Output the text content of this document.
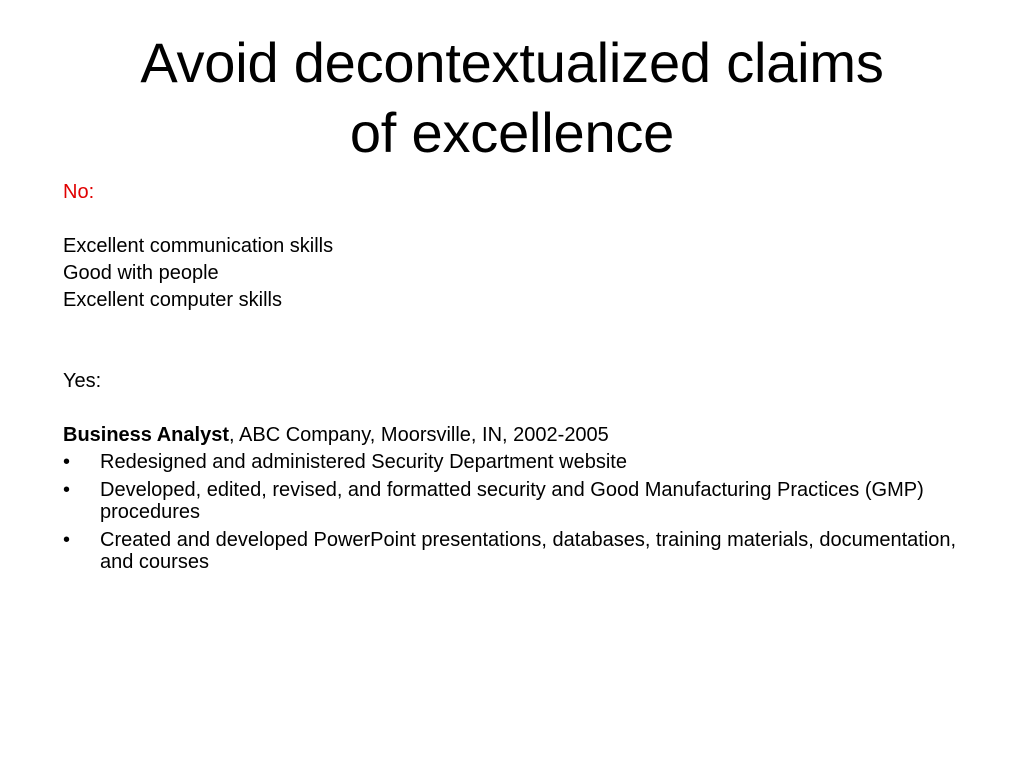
Avoid decontextualized claims
of excellence
No:
Excellent communication skills
Good with people
Excellent computer skills
Yes:
Business Analyst, ABC Company, Moorsville, IN, 2002-2005
• Redesigned and administered Security Department website
• Developed, edited, revised, and formatted security and Good Manufacturing Practices (GMP) procedures
• Created and developed PowerPoint presentations, databases, training materials, documentation, and courses
